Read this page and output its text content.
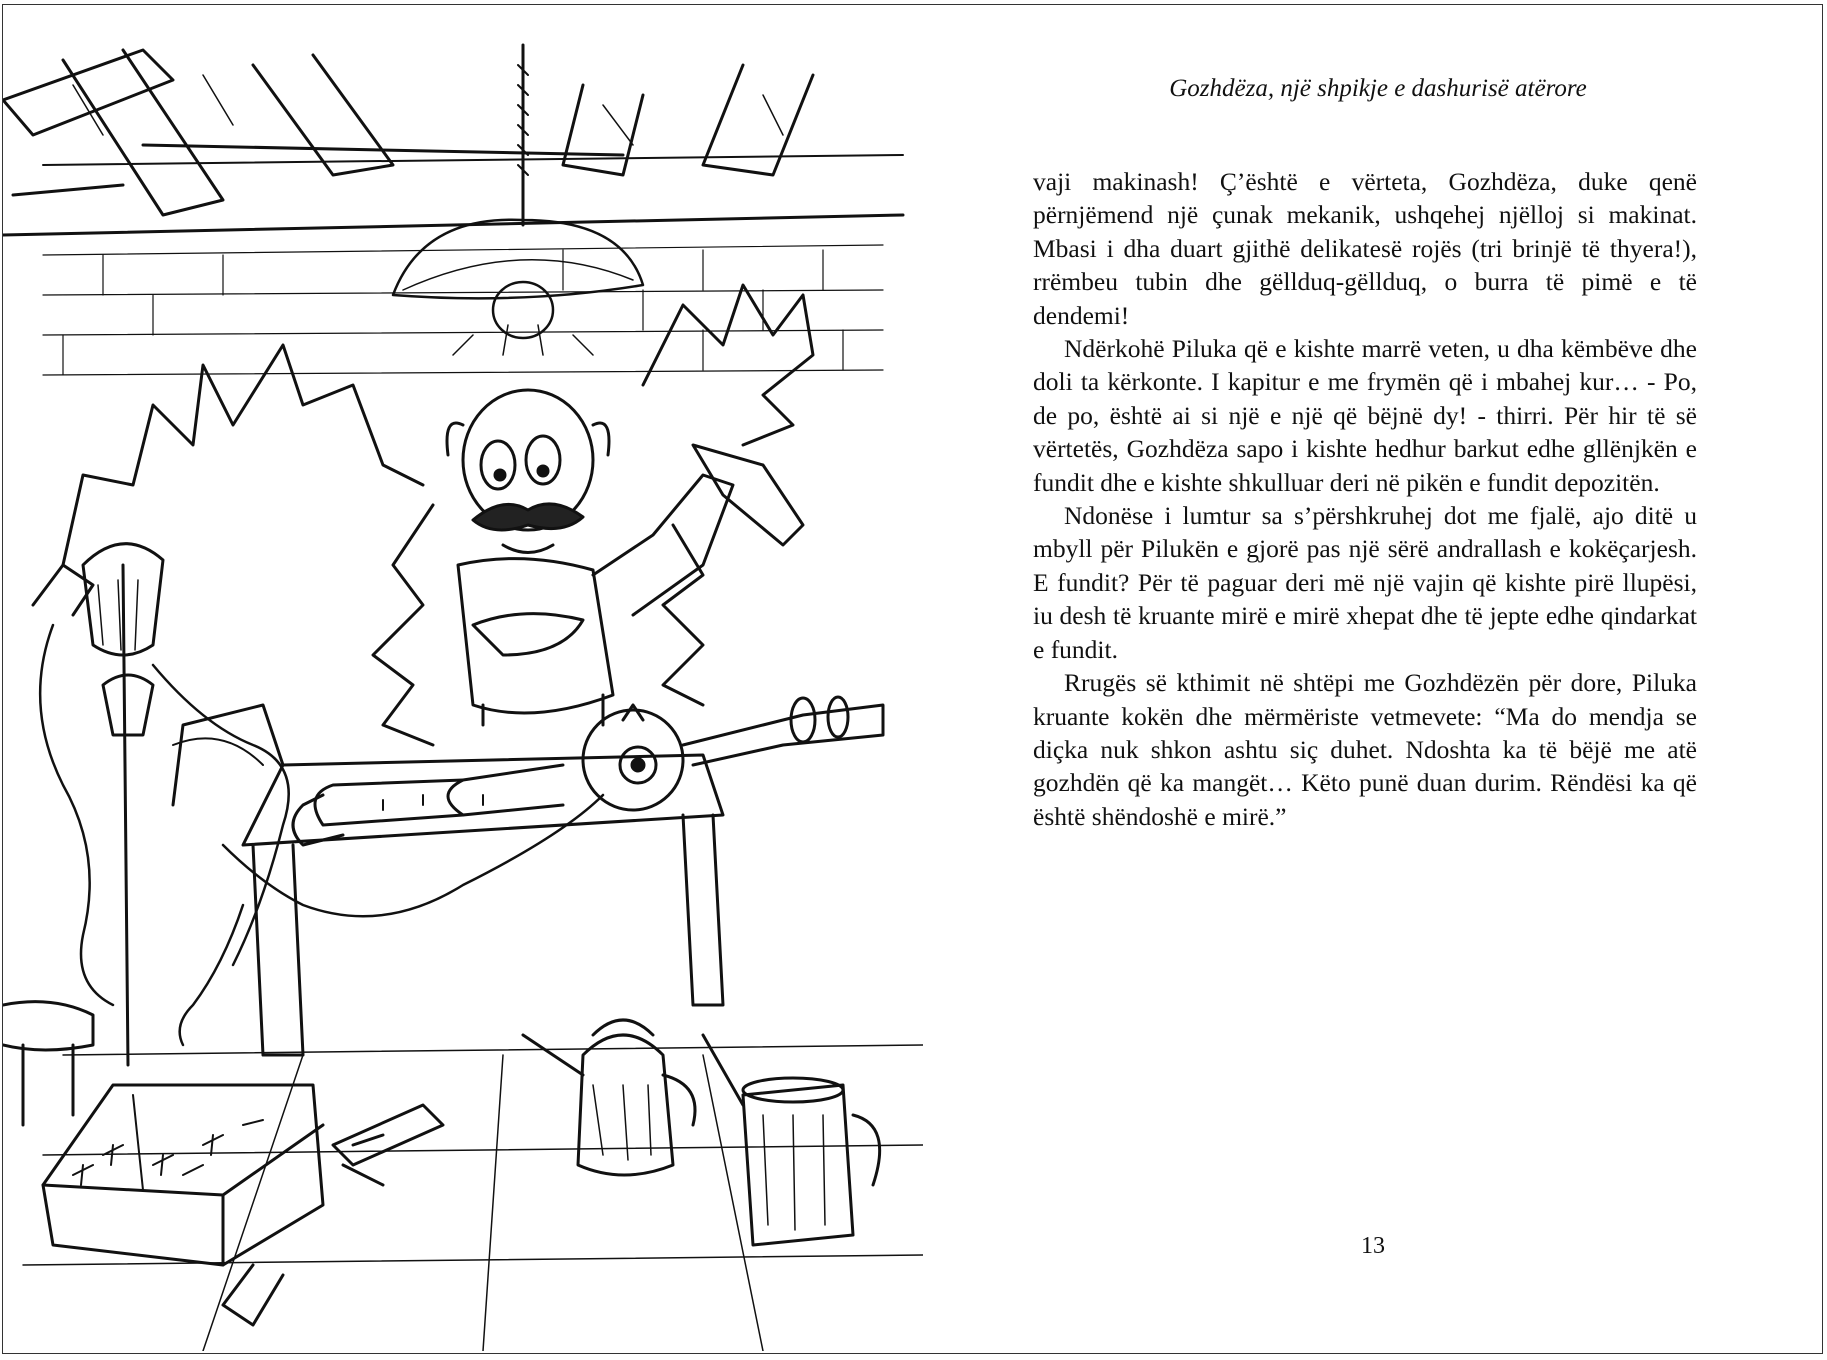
Gozhdëza, një shpikje e dashurisë atërore

vaji makinash! Ç’është e vërteta, Gozhdëza, duke qenë përnjëmend një çunak mekanik, ushqehej njëlloj si makinat. Mbasi i dha duart gjithë delikatesë rojës (tri brinjë të thyera!), rrëmbeu tubin dhe gëllduq-gëllduq, o burra të pimë e të dendemi!

Ndërkohë Piluka që e kishte marrë veten, u dha këmbëve dhe doli ta kërkonte. I kapitur e me frymën që i mbahej kur… - Po, de po, është ai si një e një që bëjnë dy! - thirri. Për hir të së vërtetës, Gozhdëza sapo i kishte hedhur barkut edhe gllënjkën e fundit dhe e kishte shkulluar deri në pikën e fundit depozitën.

Ndonëse i lumtur sa s’përshkruhej dot me fjalë, ajo ditë u mbyll për Pilukën e gjorë pas një sërë andrallash e kokëçarjesh. E fundit? Për të paguar deri më një vajin që kishte pirë llupësi, iu desh të kruante mirë e mirë xhepat dhe të jepte edhe qindarkat e fundit.

Rrugës së kthimit në shtëpi me Gozhdëzën për dore, Piluka kruante kokën dhe mërmëriste vetmevete: “Ma do mendja se diçka nuk shkon ashtu siç duhet. Ndoshta ka të bëjë me atë gozhdën që ka mangët… Këto punë duan durim. Rëndësi ka që është shëndoshë e mirë.”

13
